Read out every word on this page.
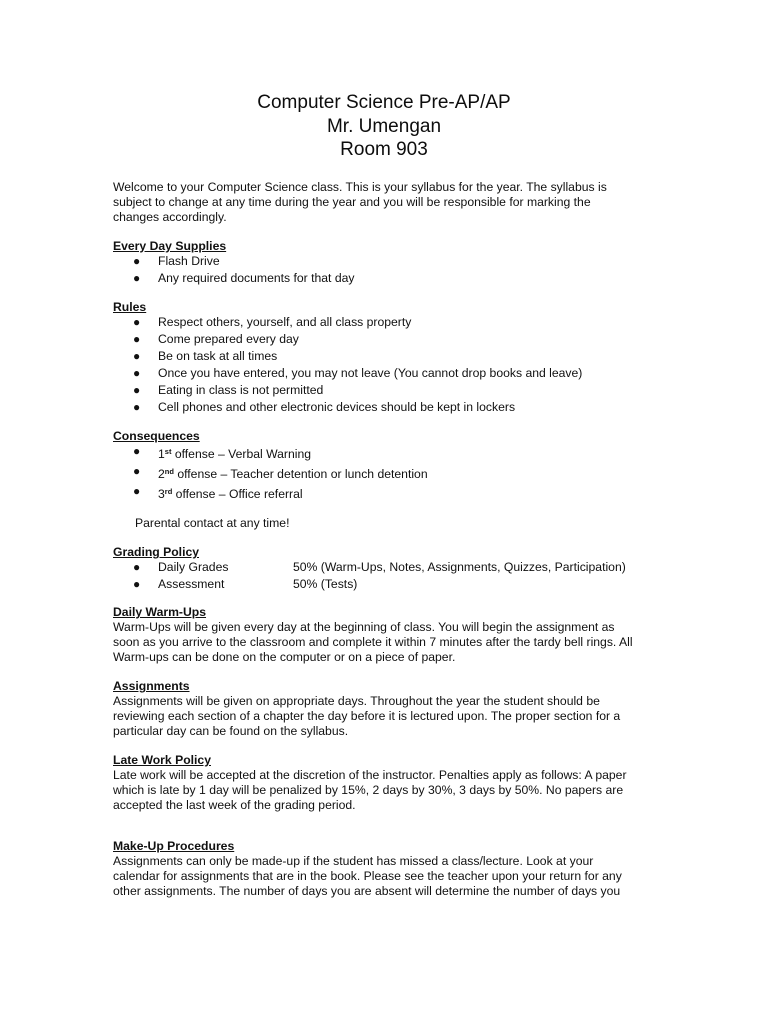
Computer Science Pre-AP/AP
Mr. Umengan
Room 903

Welcome to your Computer Science class. This is your syllabus for the year. The syllabus is
subject to change at any time during the year and you will be responsible for marking the
changes accordingly.

Every Day Supplies

● Flash Drive
● Any required documents for that day

Rules

● Respect others, yourself, and all class property
● Come prepared every day
● Be on task at all times
● Once you have entered, you may not leave (You cannot drop books and leave)
● Eating in class is not permitted
● Cell phones and other electronic devices should be kept in lockers

Consequences

● 1st offense – Verbal Warning
● 2nd offense – Teacher detention or lunch detention
● 3rd offense – Office referral

Parental contact at any time!

Grading Policy

● Daily Grades	50% (Warm-Ups, Notes, Assignments, Quizzes, Participation)
● Assessment	50% (Tests)

Daily Warm-Ups

Warm-Ups will be given every day at the beginning of class. You will begin the assignment as
soon as you arrive to the classroom and complete it within 7 minutes after the tardy bell rings. All
Warm-ups can be done on the computer or on a piece of paper.

Assignments

Assignments will be given on appropriate days. Throughout the year the student should be
reviewing each section of a chapter the day before it is lectured upon. The proper section for a
particular day can be found on the syllabus.

Late Work Policy

Late work will be accepted at the discretion of the instructor. Penalties apply as follows: A paper
which is late by 1 day will be penalized by 15%, 2 days by 30%, 3 days by 50%. No papers are
accepted the last week of the grading period.

Make-Up Procedures

Assignments can only be made-up if the student has missed a class/lecture. Look at your
calendar for assignments that are in the book. Please see the teacher upon your return for any
other assignments. The number of days you are absent will determine the number of days you
